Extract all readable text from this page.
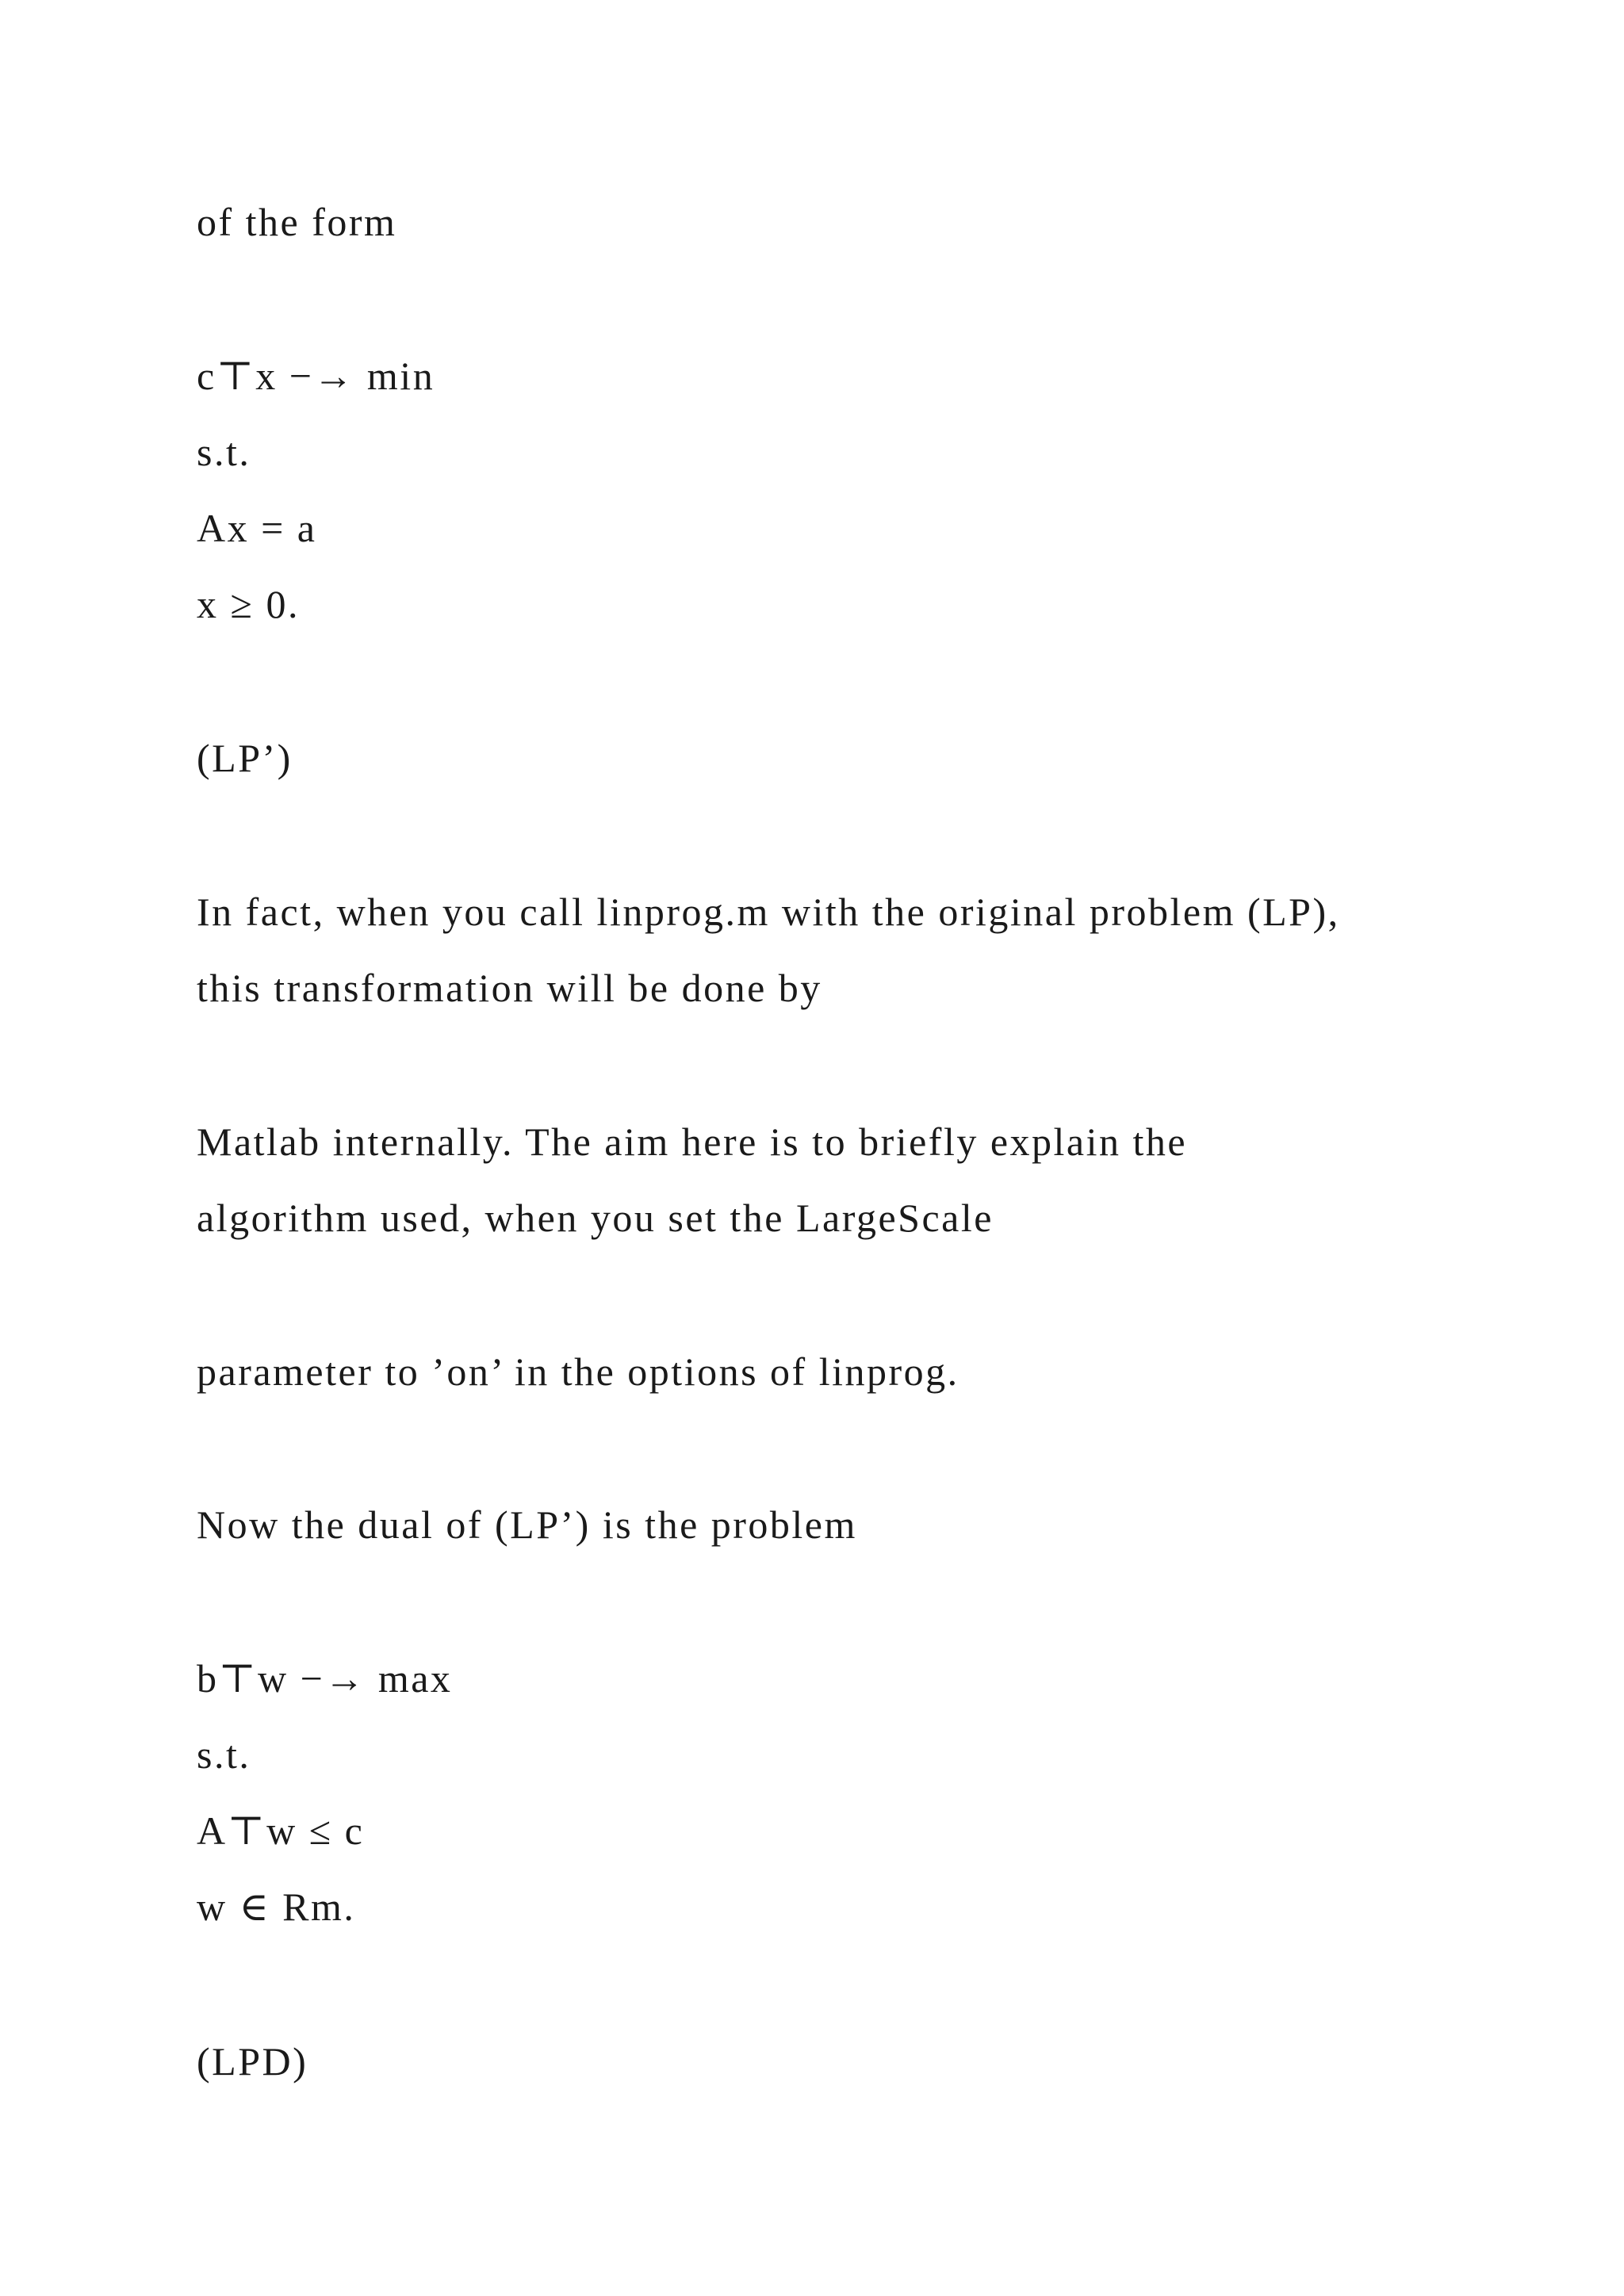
of the form

c⊤x −→ min

s.t.

Ax = a

x ≥ 0.

(LP’)

In fact, when you call linprog.m with the original problem (LP),

this transformation will be done by

Matlab internally. The aim here is to briefly explain the

algorithm used, when you set the LargeScale

parameter to ’on’ in the options of linprog.

Now the dual of (LP’) is the problem

b⊤w −→ max

s.t.

A⊤w ≤ c

w ∈ Rm.

(LPD)
